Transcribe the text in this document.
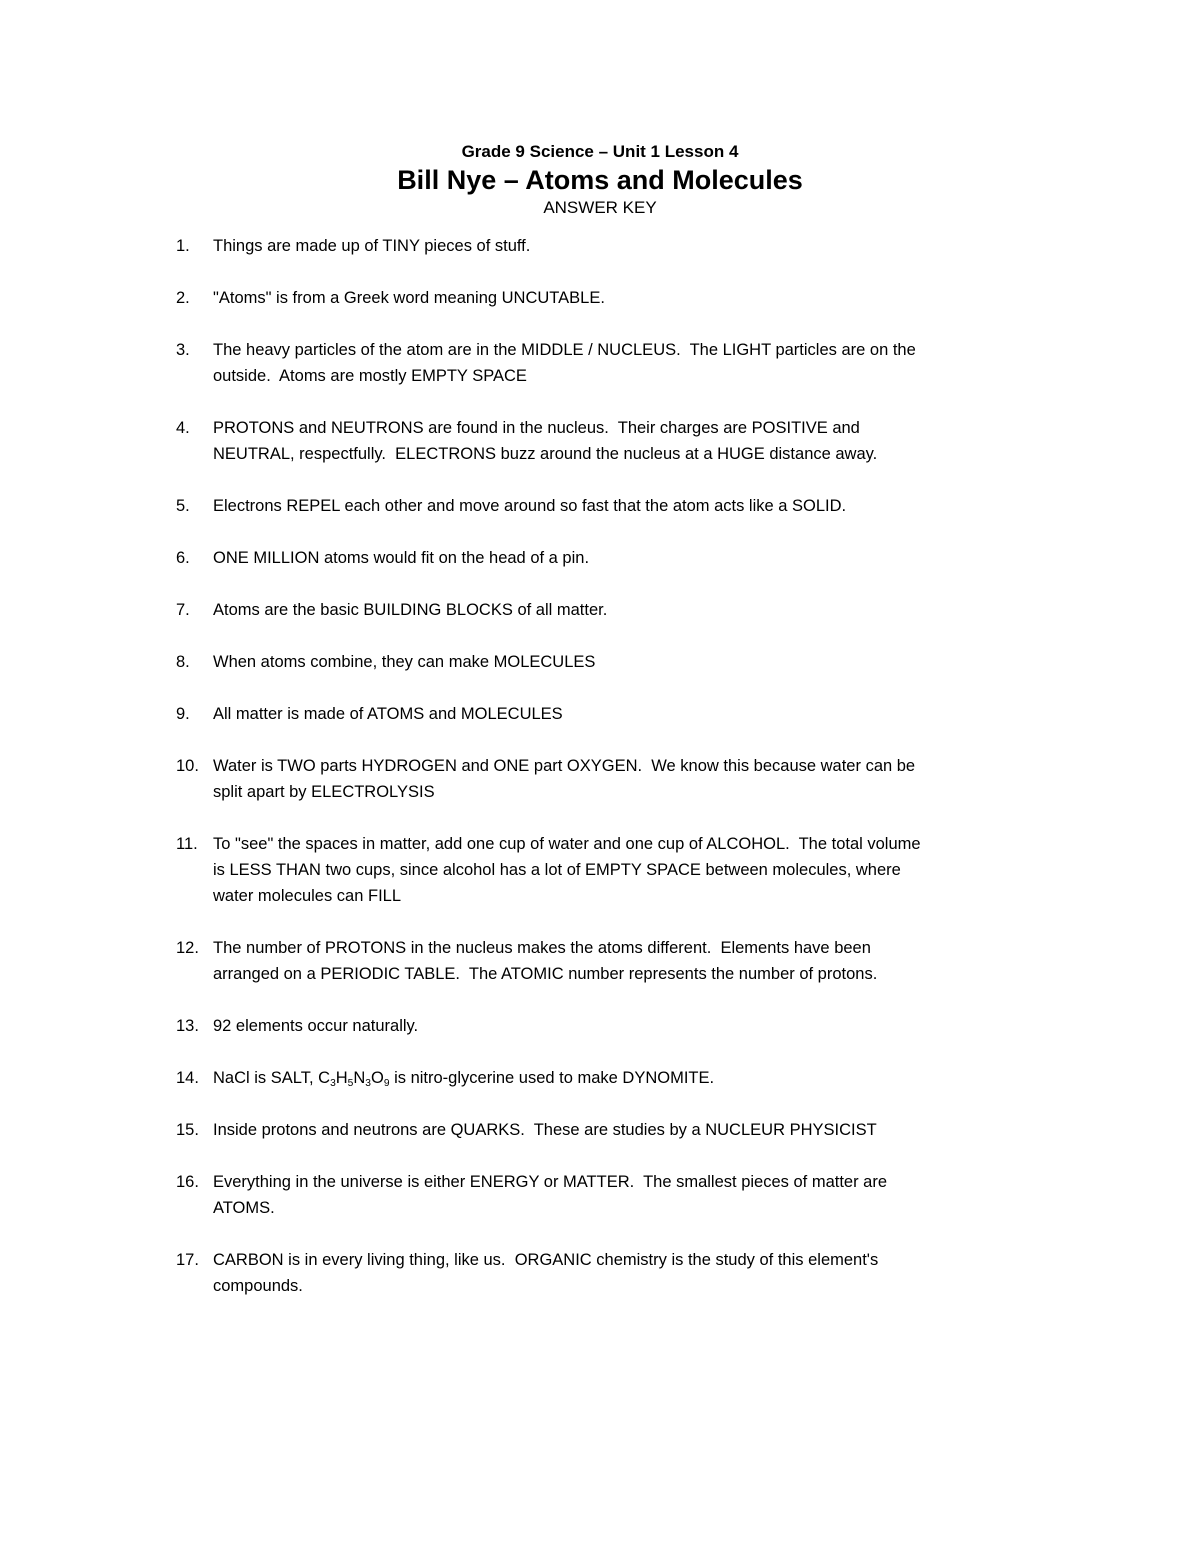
Grade 9 Science – Unit 1 Lesson 4
Bill Nye – Atoms and Molecules
ANSWER KEY
1.	Things are made up of TINY pieces of stuff.
2.	"Atoms" is from a Greek word meaning UNCUTABLE.
3.	The heavy particles of the atom are in the MIDDLE / NUCLEUS.  The LIGHT particles are on the
outside.  Atoms are mostly EMPTY SPACE
4.	PROTONS and NEUTRONS are found in the nucleus.  Their charges are POSITIVE and
NEUTRAL, respectfully.  ELECTRONS buzz around the nucleus at a HUGE distance away.
5.	Electrons REPEL each other and move around so fast that the atom acts like a SOLID.
6.	ONE MILLION atoms would fit on the head of a pin.
7.	Atoms are the basic BUILDING BLOCKS of all matter.
8.	When atoms combine, they can make MOLECULES
9.	All matter is made of ATOMS and MOLECULES
10. Water is TWO parts HYDROGEN and ONE part OXYGEN.  We know this because water can be
split apart by ELECTROLYSIS
11. To "see" the spaces in matter, add one cup of water and one cup of ALCOHOL.  The total volume
is LESS THAN two cups, since alcohol has a lot of EMPTY SPACE between molecules, where
water molecules can FILL
12. The number of PROTONS in the nucleus makes the atoms different.  Elements have been
arranged on a PERIODIC TABLE.  The ATOMIC number represents the number of protons.
13. 92 elements occur naturally.
14. NaCl is SALT, C3H5N3O9 is nitro-glycerine used to make DYNOMITE.
15. Inside protons and neutrons are QUARKS.  These are studies by a NUCLEUR PHYSICIST
16. Everything in the universe is either ENERGY or MATTER.  The smallest pieces of matter are
ATOMS.
17. CARBON is in every living thing, like us.  ORGANIC chemistry is the study of this element's
compounds.
